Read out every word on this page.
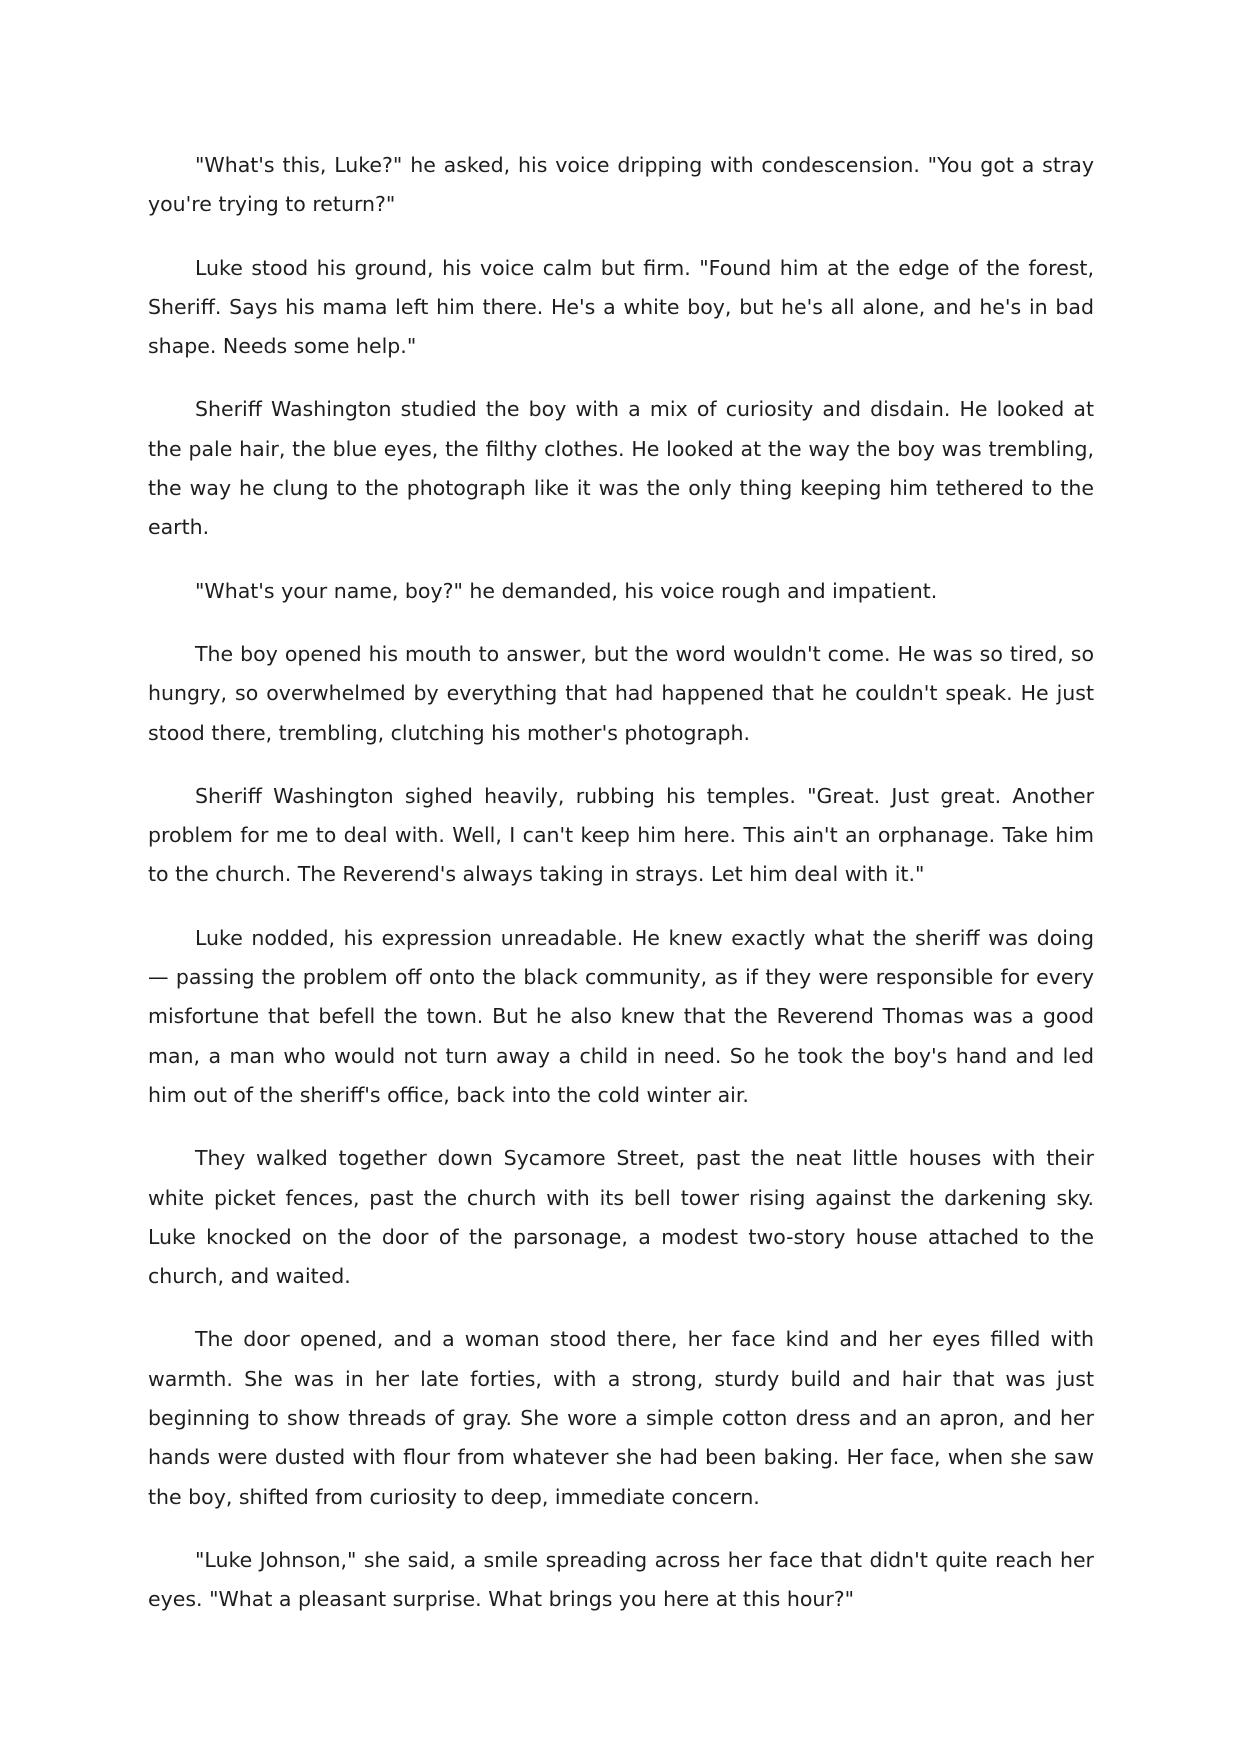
"What's this, Luke?" he asked, his voice dripping with condescension. "You got a stray you're trying to return?"

Luke stood his ground, his voice calm but firm. "Found him at the edge of the forest, Sheriff. Says his mama left him there. He's a white boy, but he's all alone, and he's in bad shape. Needs some help."

Sheriff Washington studied the boy with a mix of curiosity and disdain. He looked at the pale hair, the blue eyes, the filthy clothes. He looked at the way the boy was trembling, the way he clung to the photograph like it was the only thing keeping him tethered to the earth.

"What's your name, boy?" he demanded, his voice rough and impatient.

The boy opened his mouth to answer, but the word wouldn't come. He was so tired, so hungry, so overwhelmed by everything that had happened that he couldn't speak. He just stood there, trembling, clutching his mother's photograph.

Sheriff Washington sighed heavily, rubbing his temples. "Great. Just great. Another problem for me to deal with. Well, I can't keep him here. This ain't an orphanage. Take him to the church. The Reverend's always taking in strays. Let him deal with it."

Luke nodded, his expression unreadable. He knew exactly what the sheriff was doing — passing the problem off onto the black community, as if they were responsible for every misfortune that befell the town. But he also knew that the Reverend Thomas was a good man, a man who would not turn away a child in need. So he took the boy's hand and led him out of the sheriff's office, back into the cold winter air.

They walked together down Sycamore Street, past the neat little houses with their white picket fences, past the church with its bell tower rising against the darkening sky. Luke knocked on the door of the parsonage, a modest two-story house attached to the church, and waited.

The door opened, and a woman stood there, her face kind and her eyes filled with warmth. She was in her late forties, with a strong, sturdy build and hair that was just beginning to show threads of gray. She wore a simple cotton dress and an apron, and her hands were dusted with flour from whatever she had been baking. Her face, when she saw the boy, shifted from curiosity to deep, immediate concern.

"Luke Johnson," she said, a smile spreading across her face that didn't quite reach her eyes. "What a pleasant surprise. What brings you here at this hour?"
